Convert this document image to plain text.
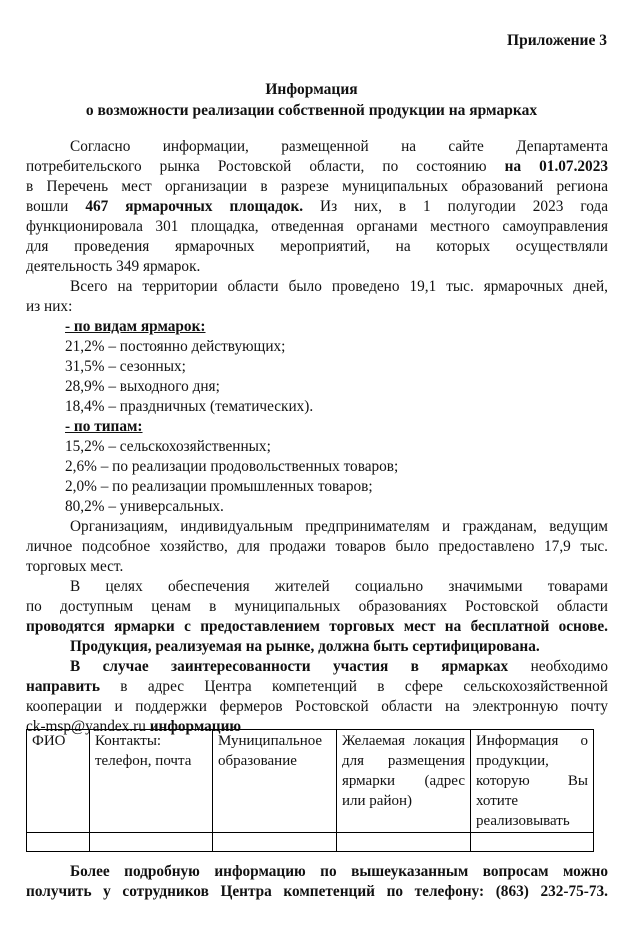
Приложение 3
Информация
о возможности реализации собственной продукции на ярмарках
Согласно информации, размещенной на сайте Департамента
потребительского рынка Ростовской области, по состоянию на 01.07.2023
в Перечень мест организации в разрезе муниципальных образований региона
вошли 467 ярмарочных площадок. Из них, в 1 полугодии 2023 года
функционировала 301 площадка, отведенная органами местного самоуправления
для проведения ярмарочных мероприятий, на которых осуществляли
деятельность 349 ярмарок.
Всего на территории области было проведено 19,1 тыс. ярмарочных дней,
из них:
- по видам ярмарок:
21,2% – постоянно действующих;
31,5% – сезонных;
28,9% – выходного дня;
18,4% – праздничных (тематических).
- по типам:
15,2% – сельскохозяйственных;
2,6% – по реализации продовольственных товаров;
2,0% – по реализации промышленных товаров;
80,2% – универсальных.
Организациям, индивидуальным предпринимателям и гражданам, ведущим
личное подсобное хозяйство, для продажи товаров было предоставлено 17,9 тыс.
торговых мест.
В целях обеспечения жителей социально значимыми товарами
по доступным ценам в муниципальных образованиях Ростовской области
проводятся ярмарки с предоставлением торговых мест на бесплатной основе.
Продукция, реализуемая на рынке, должна быть сертифицирована.
В случае заинтересованности участия в ярмарках необходимо
направить в адрес Центра компетенций в сфере сельскохозяйственной
кооперации и поддержки фермеров Ростовской области на электронную почту
ck-msp@yandex.ru информацию
ФИО	Контакты: телефон, почта	Муниципальное образование	Желаемая локация для размещения ярмарки (адрес или район)	Информация о продукции, которую Вы хотите реализовывать

Более подробную информацию по вышеуказанным вопросам можно
получить у сотрудников Центра компетенций по телефону: (863) 232-75-73.
